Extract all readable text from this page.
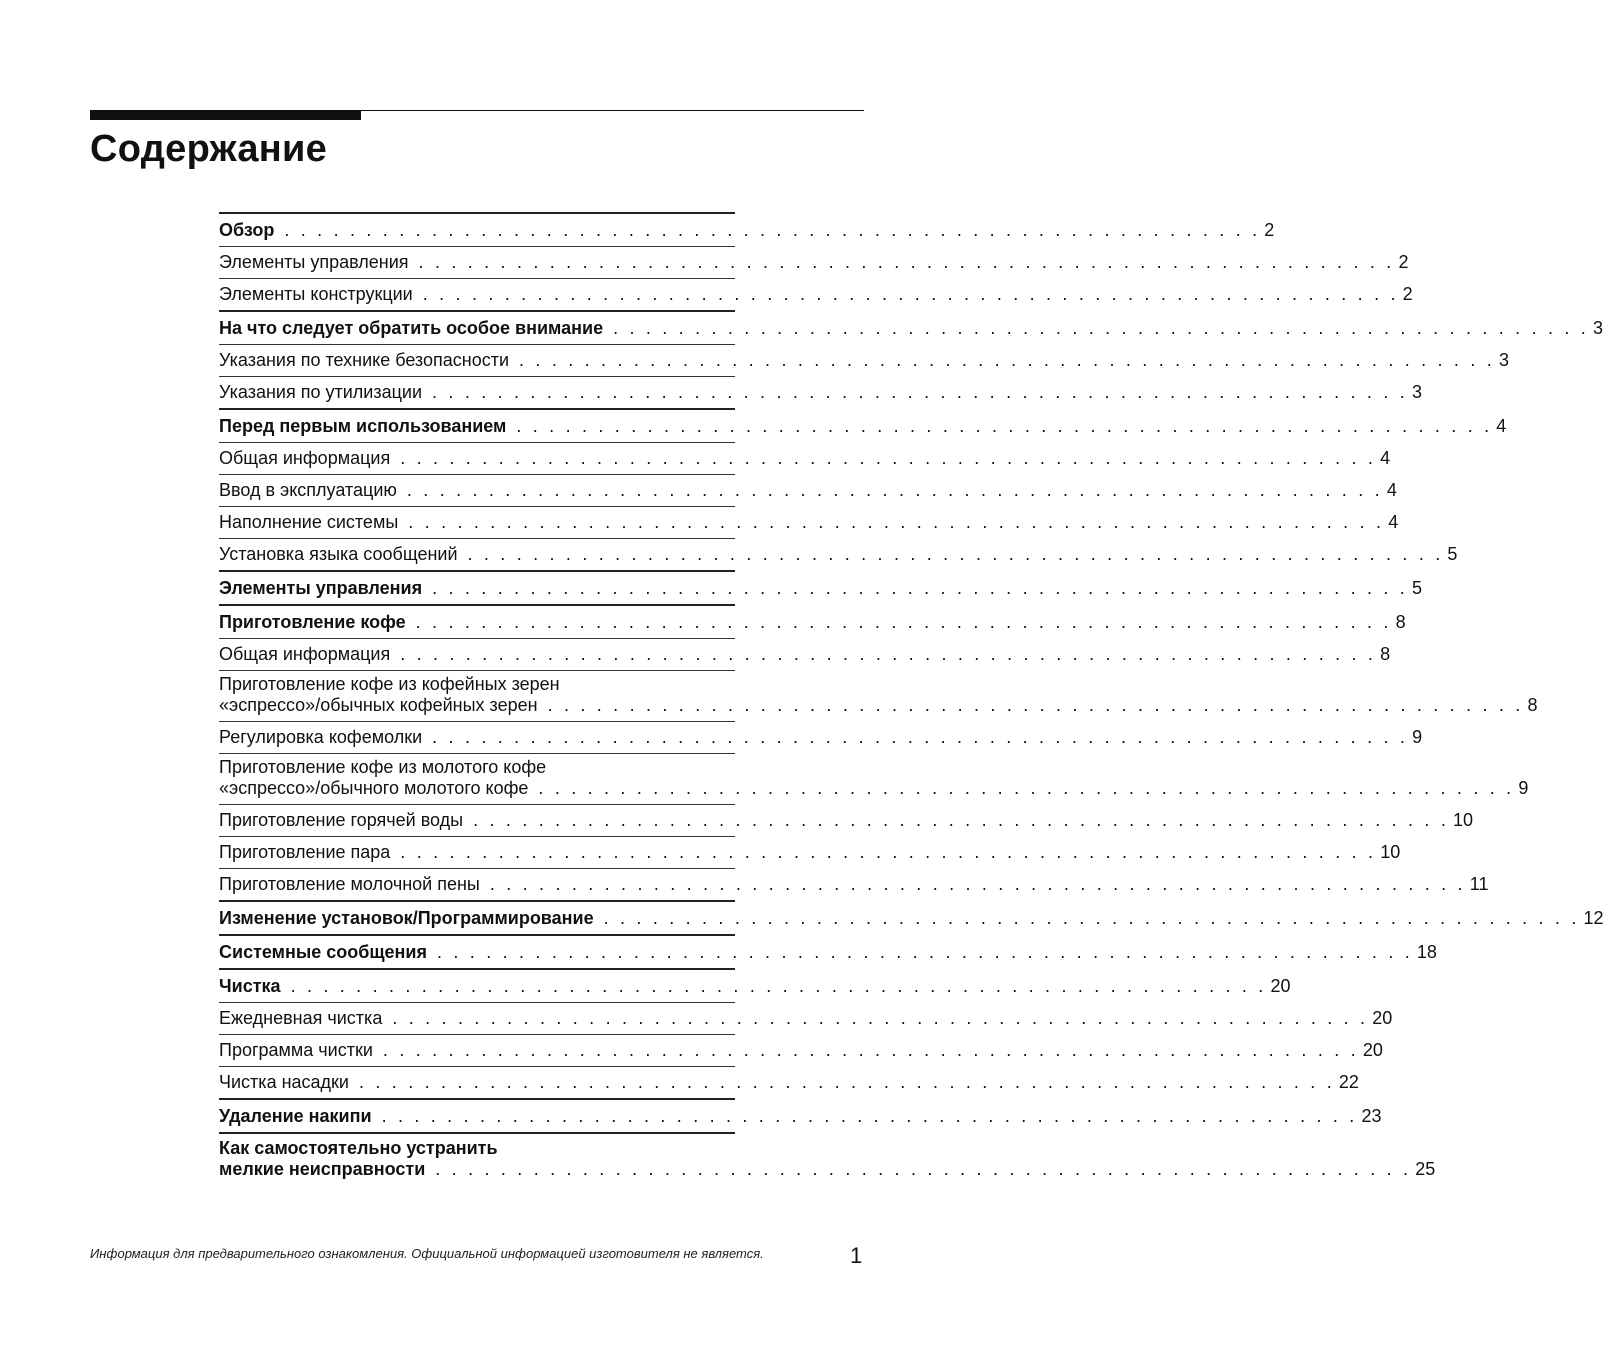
Содержание
Обзор . . . . . . . . . . . . . . . . . . . . . . . . . . . . . . . . . . . . . . . . . . . . . . . . . . . . . . . . . . . . 2
Элементы управления . . . . . . . . . . . . . . . . . . . . . . . . . . . . . . . . . . . . . . . . . . . . . . . . . . . . . . . . . . . . 2
Элементы конструкции . . . . . . . . . . . . . . . . . . . . . . . . . . . . . . . . . . . . . . . . . . . . . . . . . . . . . . . . . . . . 2
На что следует обратить особое внимание . . . . . . . . . . . . . . . . . . . . . . . . . . . . . . . . . . . . . . . . . . . . . . . . . . . . . . . . . . . . 3
Указания по технике безопасности . . . . . . . . . . . . . . . . . . . . . . . . . . . . . . . . . . . . . . . . . . . . . . . . . . . . . . . . . . . . 3
Указания по утилизации . . . . . . . . . . . . . . . . . . . . . . . . . . . . . . . . . . . . . . . . . . . . . . . . . . . . . . . . . . . . 3
Перед первым использованием . . . . . . . . . . . . . . . . . . . . . . . . . . . . . . . . . . . . . . . . . . . . . . . . . . . . . . . . . . . . 4
Общая информация . . . . . . . . . . . . . . . . . . . . . . . . . . . . . . . . . . . . . . . . . . . . . . . . . . . . . . . . . . . . 4
Ввод в эксплуатацию . . . . . . . . . . . . . . . . . . . . . . . . . . . . . . . . . . . . . . . . . . . . . . . . . . . . . . . . . . . . 4
Наполнение системы . . . . . . . . . . . . . . . . . . . . . . . . . . . . . . . . . . . . . . . . . . . . . . . . . . . . . . . . . . . . 4
Установка языка сообщений . . . . . . . . . . . . . . . . . . . . . . . . . . . . . . . . . . . . . . . . . . . . . . . . . . . . . . . . . . . . 5
Элементы управления . . . . . . . . . . . . . . . . . . . . . . . . . . . . . . . . . . . . . . . . . . . . . . . . . . . . . . . . . . . . 5
Приготовление кофе . . . . . . . . . . . . . . . . . . . . . . . . . . . . . . . . . . . . . . . . . . . . . . . . . . . . . . . . . . . . 8
Общая информация . . . . . . . . . . . . . . . . . . . . . . . . . . . . . . . . . . . . . . . . . . . . . . . . . . . . . . . . . . . . 8
Приготовление кофе из кофейных зерен
«эспрессо»/обычных кофейных зерен . . . . . . . . . . . . . . . . . . . . . . . . . . . . . . . . . . . . . . . . . . . . . . . . . . . . . . . . . . . . 8
Регулировка кофемолки . . . . . . . . . . . . . . . . . . . . . . . . . . . . . . . . . . . . . . . . . . . . . . . . . . . . . . . . . . . . 9
Приготовление кофе из молотого кофе
«эспрессо»/обычного молотого кофе . . . . . . . . . . . . . . . . . . . . . . . . . . . . . . . . . . . . . . . . . . . . . . . . . . . . . . . . . . . . 9
Приготовление горячей воды . . . . . . . . . . . . . . . . . . . . . . . . . . . . . . . . . . . . . . . . . . . . . . . . . . . . . . . . . . . . 10
Приготовление пара . . . . . . . . . . . . . . . . . . . . . . . . . . . . . . . . . . . . . . . . . . . . . . . . . . . . . . . . . . . . 10
Приготовление молочной пены . . . . . . . . . . . . . . . . . . . . . . . . . . . . . . . . . . . . . . . . . . . . . . . . . . . . . . . . . . . . 11
Изменение установок/Программирование . . . . . . . . . . . . . . . . . . . . . . . . . . . . . . . . . . . . . . . . . . . . . . . . . . . . . . . . . . . . 12
Системные сообщения . . . . . . . . . . . . . . . . . . . . . . . . . . . . . . . . . . . . . . . . . . . . . . . . . . . . . . . . . . . . 18
Чистка . . . . . . . . . . . . . . . . . . . . . . . . . . . . . . . . . . . . . . . . . . . . . . . . . . . . . . . . . . . . 20
Ежедневная чистка . . . . . . . . . . . . . . . . . . . . . . . . . . . . . . . . . . . . . . . . . . . . . . . . . . . . . . . . . . . . 20
Программа чистки . . . . . . . . . . . . . . . . . . . . . . . . . . . . . . . . . . . . . . . . . . . . . . . . . . . . . . . . . . . . 20
Чистка насадки . . . . . . . . . . . . . . . . . . . . . . . . . . . . . . . . . . . . . . . . . . . . . . . . . . . . . . . . . . . . 22
Удаление накипи . . . . . . . . . . . . . . . . . . . . . . . . . . . . . . . . . . . . . . . . . . . . . . . . . . . . . . . . . . . . 23
Как самостоятельно устранить
мелкие неисправности . . . . . . . . . . . . . . . . . . . . . . . . . . . . . . . . . . . . . . . . . . . . . . . . . . . . . . . . . . . . 25
Информация для предварительного ознакомления. Официальной информацией изготовителя не является.	1
